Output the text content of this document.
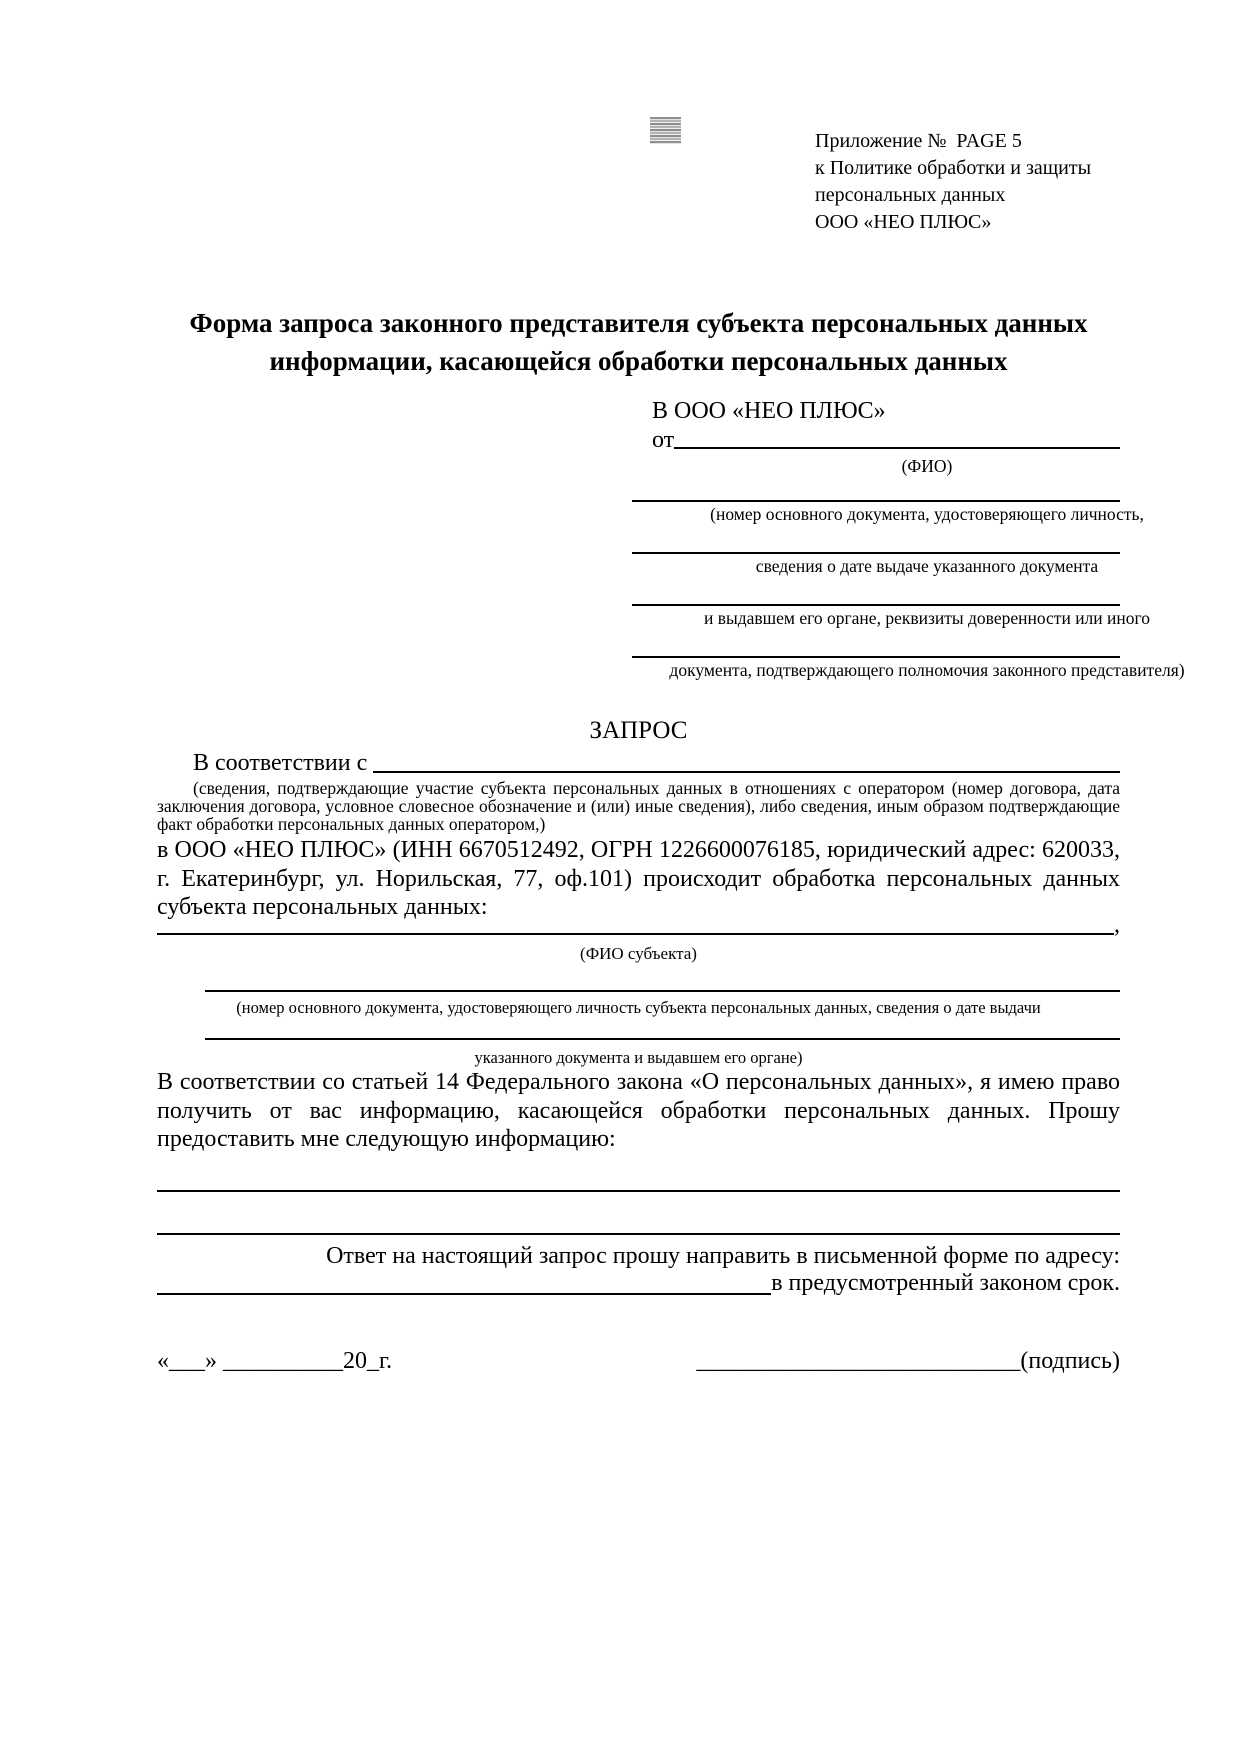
Приложение №  PAGE 5
к Политике обработки и защиты
персональных данных
ООО «НЕО ПЛЮС»
Форма запроса законного представителя субъекта персональных данных
информации, касающейся обработки персональных данных
В ООО «НЕО ПЛЮС»
от
(ФИО)
(номер основного документа, удостоверяющего личность,
сведения о дате выдаче указанного документа
и выдавшем его органе, реквизиты доверенности или иного
документа, подтверждающего полномочия законного представителя)
ЗАПРОС
В соответствии с
(сведения, подтверждающие участие субъекта персональных данных в отношениях с оператором (номер договора, дата заключения договора, условное словесное обозначение и (или) иные сведения), либо сведения, иным образом подтверждающие факт обработки персональных данных оператором,)
в ООО «НЕО ПЛЮС» (ИНН 6670512492, ОГРН 1226600076185, юридический адрес: 620033, г. Екатеринбург, ул. Норильская, 77, оф.101) происходит обработка персональных данных субъекта персональных данных:
,
(ФИО субъекта)
(номер основного документа, удостоверяющего личность субъекта персональных данных, сведения о дате выдачи
указанного документа и выдавшем его органе)
В соответствии со статьей 14 Федерального закона «О персональных данных», я имею право получить от вас информацию, касающейся обработки персональных данных. Прошу предоставить мне следующую информацию:
Ответ на настоящий запрос прошу направить в письменной форме по адресу:
в предусмотренный законом срок.
«___» __________20_г.	___________________________(подпись)
